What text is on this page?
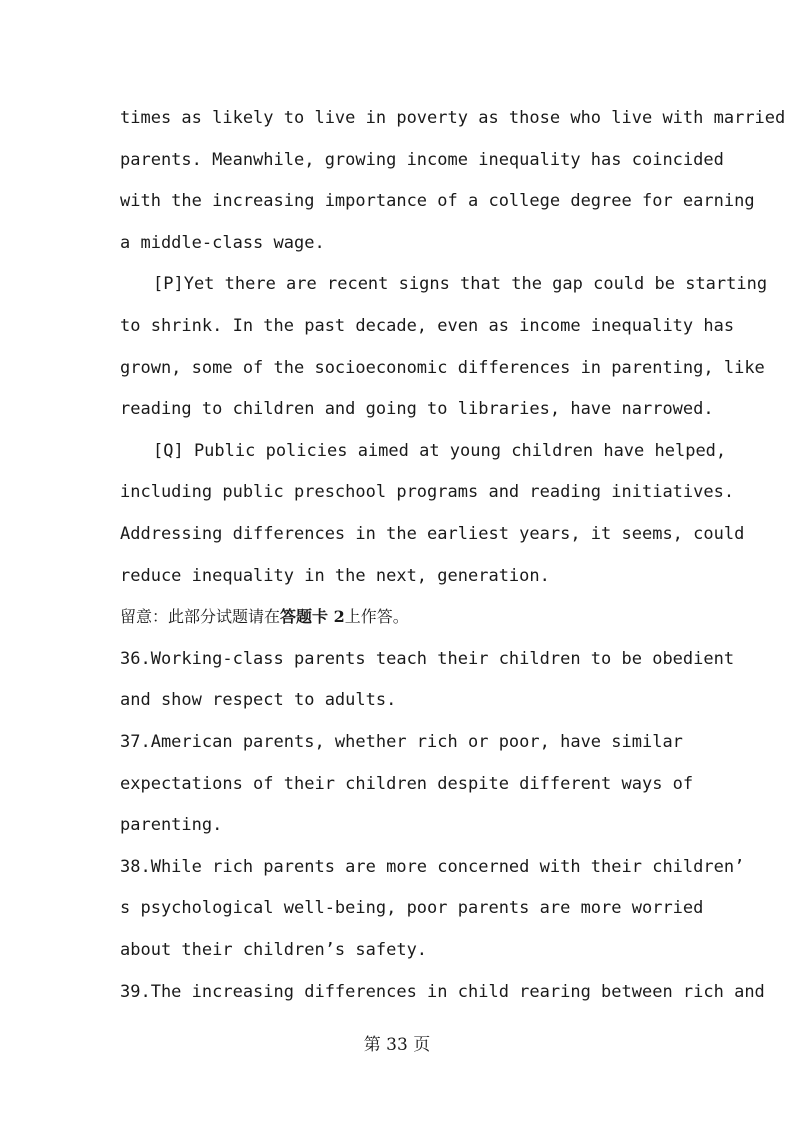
times as likely to live in poverty as those who live with married
parents. Meanwhile, growing income inequality has coincided
with the increasing importance of a college degree for earning
a middle-class wage.
[P]Yet there are recent signs that the gap could be starting
to shrink. In the past decade, even as income inequality has
grown, some of the socioeconomic differences in parenting, like
reading to children and going to libraries, have narrowed.
[Q] Public policies aimed at young children have helped,
including public preschool programs and reading initiatives.
Addressing differences in the earliest years, it seems, could
reduce inequality in the next, generation.
留意：此部分试题请在答题卡 2上作答。
36.Working-class parents teach their children to be obedient
and show respect to adults.
37.American parents, whether rich or poor, have similar
expectations of their children despite different ways of
parenting.
38.While rich parents are more concerned with their children’
s psychological well-being, poor parents are more worried
about their children’s safety.
39.The increasing differences in child rearing between rich and
第 33 页
